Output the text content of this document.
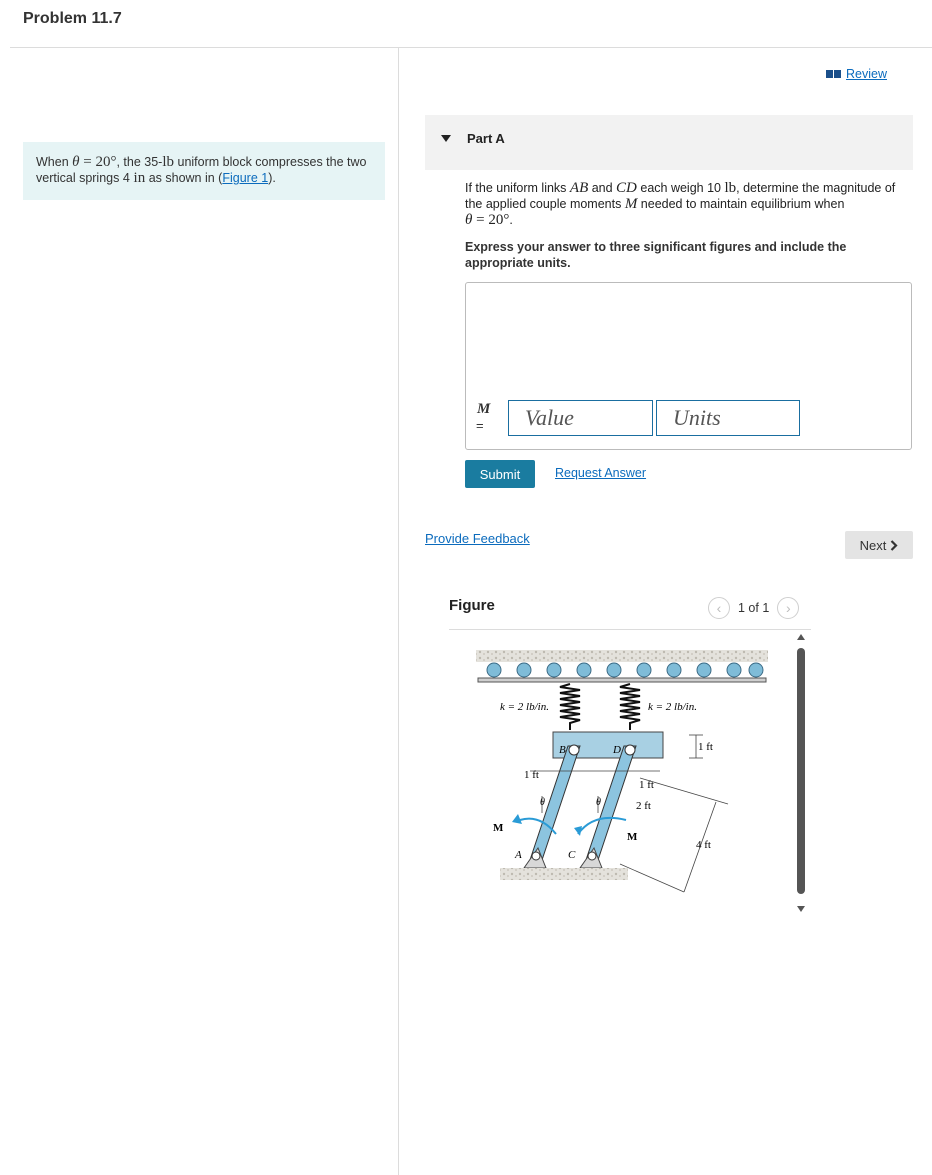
Problem 11.7
When θ = 20°, the 35-lb uniform block compresses the two vertical springs 4 in as shown in (Figure 1).
Review
Part A
If the uniform links AB and CD each weigh 10 lb, determine the magnitude of the applied couple moments M needed to maintain equilibrium when
θ = 20°.
Express your answer to three significant figures and include the appropriate units.
M
=	Value	Units
Submit	Request Answer
Provide Feedback	Next
Figure	‹ 1 of 1 ›
k = 2 lb/in.	k = 2 lb/in.
B	D
A	C
M
M
θ	θ
1 ft
1 ft
1 ft
2 ft
4 ft
